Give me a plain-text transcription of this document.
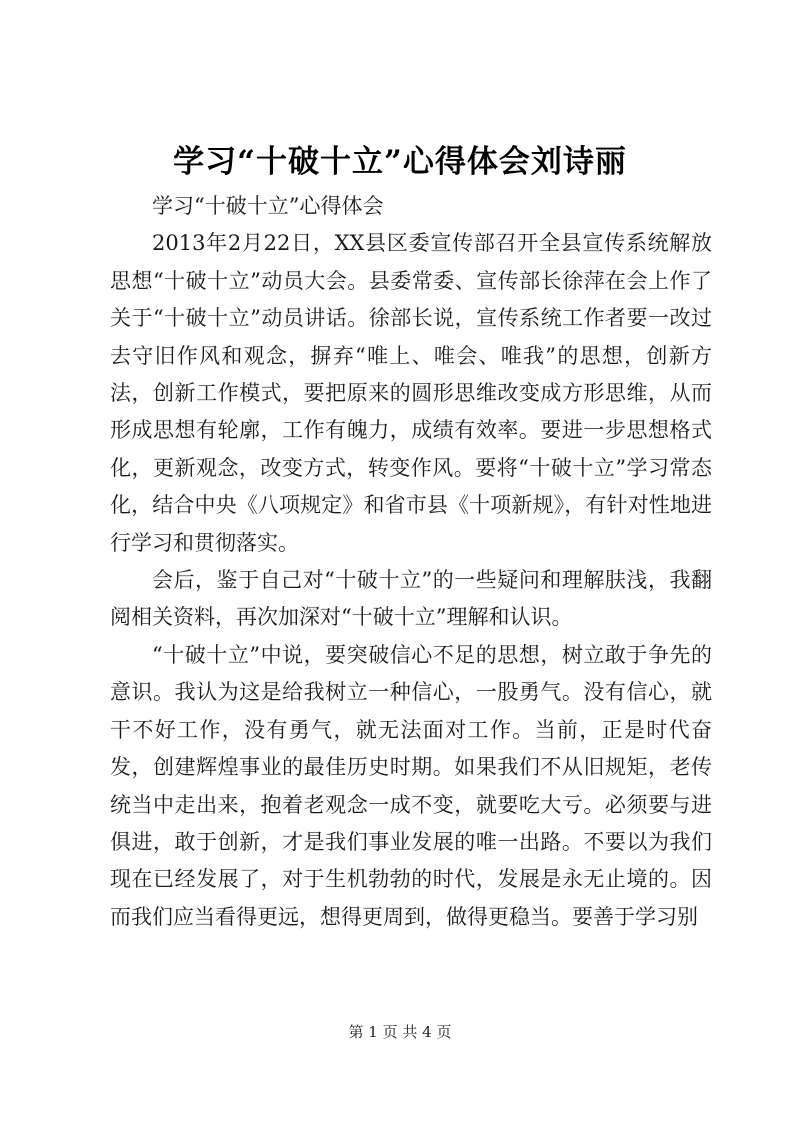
学习“十破十立”心得体会刘诗丽

学习“十破十立”心得体会

2013年2月22日，XX县区委宣传部召开全县宣传系统解放思想“十破十立”动员大会。县委常委、宣传部长徐萍在会上作了关于“十破十立”动员讲话。徐部长说，宣传系统工作者要一改过去守旧作风和观念，摒弃“唯上、唯会、唯我”的思想，创新方法，创新工作模式，要把原来的圆形思维改变成方形思维，从而形成思想有轮廓，工作有魄力，成绩有效率。要进一步思想格式化，更新观念，改变方式，转变作风。要将“十破十立”学习常态化，结合中央《八项规定》和省市县《十项新规》，有针对性地进行学习和贯彻落实。

会后，鉴于自己对“十破十立”的一些疑问和理解肤浅，我翻阅相关资料，再次加深对“十破十立”理解和认识。

“十破十立”中说，要突破信心不足的思想，树立敢于争先的意识。我认为这是给我树立一种信心，一股勇气。没有信心，就干不好工作，没有勇气，就无法面对工作。当前，正是时代奋发，创建辉煌事业的最佳历史时期。如果我们不从旧规矩，老传统当中走出来，抱着老观念一成不变，就要吃大亏。必须要与进俱进，敢于创新，才是我们事业发展的唯一出路。不要以为我们现在已经发展了，对于生机勃勃的时代，发展是永无止境的。因而我们应当看得更远，想得更周到，做得更稳当。要善于学习别

第 1 页 共 4 页
